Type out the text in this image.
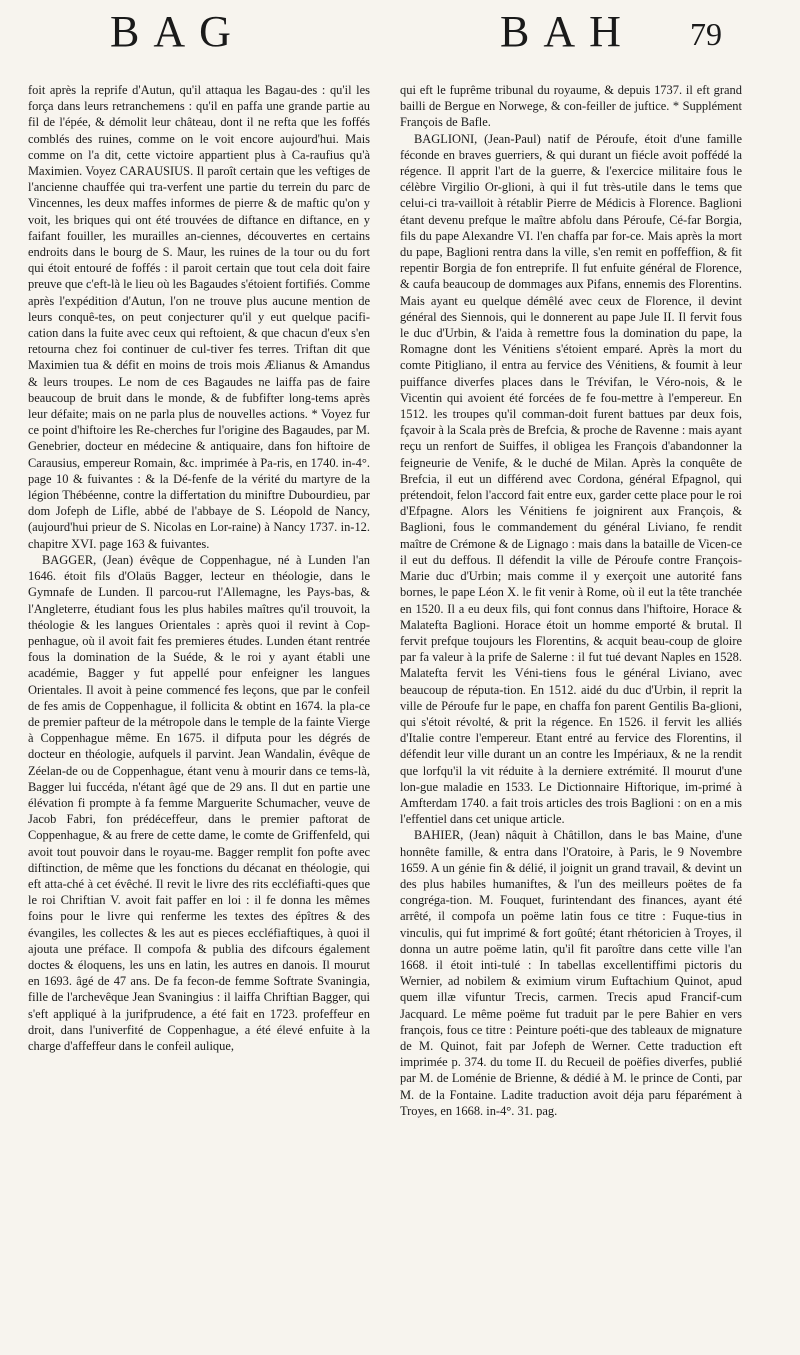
BAG	BAH 79

foit après la reprife d'Autun, qu'il attaqua les Bagau-des : qu'il les força dans leurs retranchemens : qu'il en paffa une grande partie au fil de l'épée, & démolit leur château, dont il ne refta que les foffés comblés des ruines, comme on le voit encore aujourd'hui. Mais comme on l'a dit, cette victoire appartient plus à Ca-raufius qu'à Maximien. Voyez CARAUSIUS. Il paroît certain que les veftiges de l'ancienne chauffée qui tra-verfent une partie du terrein du parc de Vincennes, les deux maffes informes de pierre & de maftic qu'on y voit, les briques qui ont été trouvées de diftance en diftance, en y faifant fouiller, les murailles an-ciennes, découvertes en certains endroits dans le bourg de S. Maur, les ruines de la tour ou du fort qui étoit entouré de foffés : il paroit certain que tout cela doit faire preuve que c'eft-là le lieu où les Bagaudes s'étoient fortifiés. Comme après l'expédition d'Autun, l'on ne trouve plus aucune mention de leurs conquê-tes, on peut conjecturer qu'il y eut quelque pacifi-cation dans la fuite avec ceux qui reftoient, & que chacun d'eux s'en retourna chez foi continuer de cul-tiver fes terres. Triftan dit que Maximien tua & défit en moins de trois mois Ælianus & Amandus & leurs troupes. Le nom de ces Bagaudes ne laiffa pas de faire beaucoup de bruit dans le monde, & de fubfifter long-tems après leur défaite; mais on ne parla plus de nouvelles actions. * Voyez fur ce point d'hiftoire les Re-cherches fur l'origine des Bagaudes, par M. Genebrier, docteur en médecine & antiquaire, dans fon hiftoire de Carausius, empereur Romain, &c. imprimée à Pa-ris, en 1740. in-4°. page 10 & fuivantes : & la Dé-fenfe de la vérité du martyre de la légion Thébéenne, contre la differtation du miniftre Dubourdieu, par dom Jofeph de Lifle, abbé de l'abbaye de S. Léopold de Nancy, (aujourd'hui prieur de S. Nicolas en Lor-raine) à Nancy 1737. in-12. chapitre XVI. page 163 & fuivantes.

BAGGER, (Jean) évêque de Coppenhague, né à Lunden l'an 1646. étoit fils d'Olaüs Bagger, lecteur en théologie, dans le Gymnafe de Lunden. Il parcou-rut l'Allemagne, les Pays-bas, & l'Angleterre, étudiant fous les plus habiles maîtres qu'il trouvoit, la théologie & les langues Orientales : après quoi il revint à Cop-penhague, où il avoit fait fes premieres études. Lunden étant rentrée fous la domination de la Suéde, & le roi y ayant établi une académie, Bagger y fut appellé pour enfeigner les langues Orientales. Il avoit à peine commencé fes leçons, que par le confeil de fes amis de Coppenhague, il follicita & obtint en 1674. la pla-ce de premier pafteur de la métropole dans le temple de la fainte Vierge à Coppenhague même. En 1675. il difputa pour les dégrés de docteur en théologie, aufquels il parvint. Jean Wandalin, évêque de Zéelan-de ou de Coppenhague, étant venu à mourir dans ce tems-là, Bagger lui fuccéda, n'étant âgé que de 29 ans. Il dut en partie une élévation fi prompte à fa femme Marguerite Schumacher, veuve de Jacob Fabri, fon prédéceffeur, dans le premier paftorat de Coppenhague, & au frere de cette dame, le comte de Griffenfeld, qui avoit tout pouvoir dans le royau-me. Bagger remplit fon pofte avec diftinction, de même que les fonctions du décanat en théologie, qui eft atta-ché à cet évêché. Il revit le livre des rits eccléfiafti-ques que le roi Chriftian V. avoit fait paffer en loi : il fe donna les mêmes foins pour le livre qui renferme les textes des épîtres & des évangiles, les collectes & les aut es pieces eccléfiaftiques, à quoi il ajouta une préface. Il compofa & publia des difcours également doctes & éloquens, les uns en latin, les autres en danois. Il mourut en 1693. âgé de 47 ans. De fa fecon-de femme Softrate Svaningia, fille de l'archevêque Jean Svaningius : il laiffa Chriftian Bagger, qui s'eft appliqué à la jurifprudence, a été fait en 1723. profeffeur en droit, dans l'univerfité de Coppenhague, a été élevé enfuite à la charge d'affeffeur dans le confeil aulique,

qui eft le fuprême tribunal du royaume, & depuis 1737. il eft grand bailli de Bergue en Norwege, & con-feiller de juftice. * Supplément François de Bafle.

BAGLIONI, (Jean-Paul) natif de Péroufe, étoit d'une famille féconde en braves guerriers, & qui durant un fiécle avoit poffédé la régence. Il apprit l'art de la guerre, & l'exercice militaire fous le célèbre Virgilio Or-glioni, à qui il fut très-utile dans le tems que celui-ci tra-vailloit à rétablir Pierre de Médicis à Florence. Baglioni étant devenu prefque le maître abfolu dans Péroufe, Cé-far Borgia, fils du pape Alexandre VI. l'en chaffa par for-ce. Mais après la mort du pape, Baglioni rentra dans la ville, s'en remit en poffeffion, & fit repentir Borgia de fon entreprife. Il fut enfuite général de Florence, & caufa beaucoup de dommages aux Pifans, ennemis des Florentins. Mais ayant eu quelque démêlé avec ceux de Florence, il devint général des Siennois, qui le donnerent au pape Jule II. Il fervit fous le duc d'Urbin, & l'aida à remettre fous la domination du pape, la Romagne dont les Vénitiens s'étoient emparé. Après la mort du comte Pitigliano, il entra au fervice des Vénitiens, & foumit à leur puiffance diverfes places dans le Trévifan, le Véro-nois, & le Vicentin qui avoient été forcées de fe fou-mettre à l'empereur. En 1512. les troupes qu'il comman-doit furent battues par deux fois, fçavoir à la Scala près de Brefcia, & proche de Ravenne : mais ayant reçu un renfort de Suiffes, il obligea les François d'abandonner la feigneurie de Venife, & le duché de Milan. Après la conquête de Brefcia, il eut un différend avec Cordona, général Efpagnol, qui prétendoit, felon l'accord fait entre eux, garder cette place pour le roi d'Efpagne. Alors les Vénitiens fe joignirent aux François, & Baglioni, fous le commandement du général Liviano, fe rendit maître de Crémone & de Lignago : mais dans la bataille de Vicen-ce il eut du deffous. Il défendit la ville de Péroufe contre François-Marie duc d'Urbin; mais comme il y exerçoit une autorité fans bornes, le pape Léon X. le fit venir à Rome, où il eut la tête tranchée en 1520. Il a eu deux fils, qui font connus dans l'hiftoire, Horace & Malatefta Baglioni. Horace étoit un homme emporté & brutal. Il fervit prefque toujours les Florentins, & acquit beau-coup de gloire par fa valeur à la prife de Salerne : il fut tué devant Naples en 1528. Malatefta fervit les Véni-tiens fous le général Liviano, avec beaucoup de réputa-tion. En 1512. aidé du duc d'Urbin, il reprit la ville de Péroufe fur le pape, en chaffa fon parent Gentilis Ba-glioni, qui s'étoit révolté, & prit la régence. En 1526. il fervit les alliés d'Italie contre l'empereur. Etant entré au fervice des Florentins, il défendit leur ville durant un an contre les Impériaux, & ne la rendit que lorfqu'il la vit réduite à la derniere extrémité. Il mourut d'une lon-gue maladie en 1533. Le Dictionnaire Hiftorique, im-primé à Amfterdam 1740. a fait trois articles des trois Baglioni : on en a mis l'effentiel dans cet unique article.

BAHIER, (Jean) nâquit à Châtillon, dans le bas Maine, d'une honnête famille, & entra dans l'Oratoire, à Paris, le 9 Novembre 1659. A un génie fin & délié, il joignit un grand travail, & devint un des plus habiles humaniftes, & l'un des meilleurs poëtes de fa congréga-tion. M. Fouquet, furintendant des finances, ayant été arrêté, il compofa un poëme latin fous ce titre : Fuque-tius in vinculis, qui fut imprimé & fort goûté; étant rhétoricien à Troyes, il donna un autre poëme latin, qu'il fit paroître dans cette ville l'an 1668. il étoit inti-tulé : In tabellas excellentiffimi pictoris du Wernier, ad nobilem & eximium virum Euftachium Quinot, apud quem illæ vifuntur Trecis, carmen. Trecis apud Francif-cum Jacquard. Le même poëme fut traduit par le pere Bahier en vers françois, fous ce titre : Peinture poéti-que des tableaux de mignature de M. Quinot, fait par Jofeph de Werner. Cette traduction eft imprimée p. 374. du tome II. du Recueil de poëfies diverfes, publié par M. de Loménie de Brienne, & dédié à M. le prince de Conti, par M. de la Fontaine. Ladite traduction avoit déja paru féparément à Troyes, en 1668. in-4°. 31. pag.
